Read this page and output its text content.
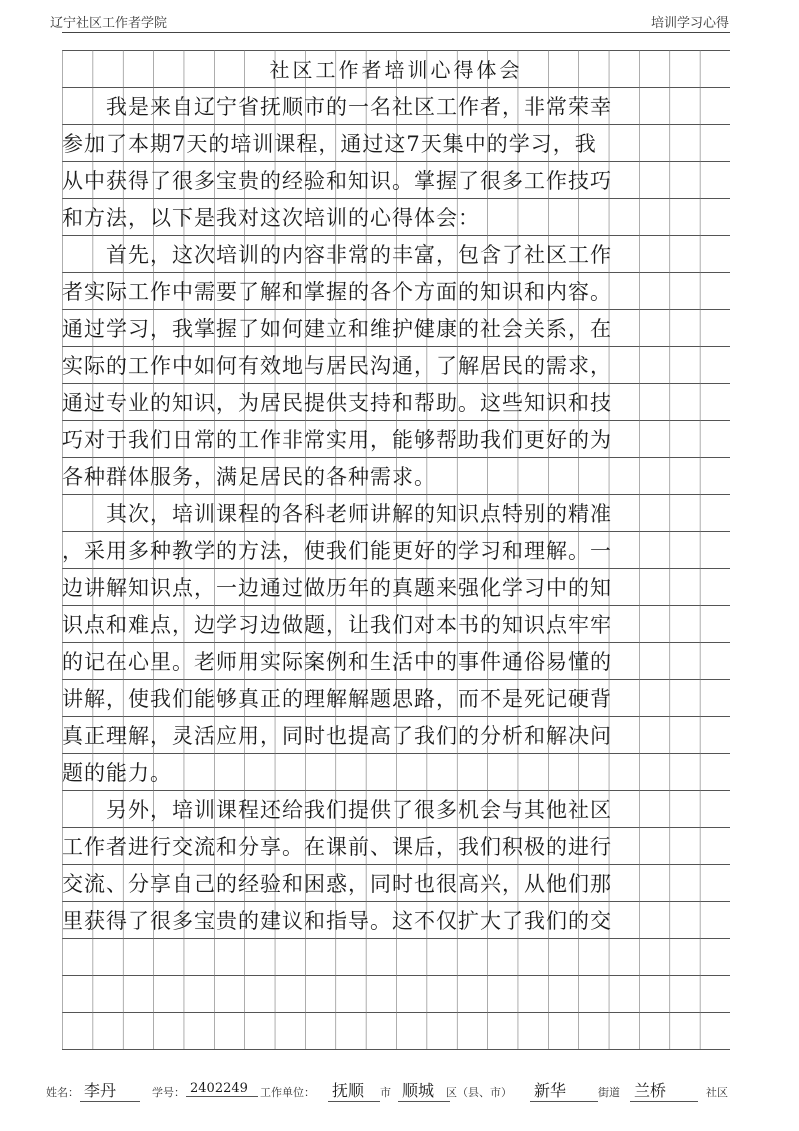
辽宁社区工作者学院	培训学习心得
社区工作者培训心得体会
　　我是来自辽宁省抚顺市的一名社区工作者，非常荣幸
参加了本期7天的培训课程，通过这7天集中的学习，我
从中获得了很多宝贵的经验和知识。掌握了很多工作技巧
和方法，以下是我对这次培训的心得体会：
　　首先，这次培训的内容非常的丰富，包含了社区工作
者实际工作中需要了解和掌握的各个方面的知识和内容。
通过学习，我掌握了如何建立和维护健康的社会关系，在
实际的工作中如何有效地与居民沟通，了解居民的需求，
通过专业的知识，为居民提供支持和帮助。这些知识和技
巧对于我们日常的工作非常实用，能够帮助我们更好的为
各种群体服务，满足居民的各种需求。
　　其次，培训课程的各科老师讲解的知识点特别的精准
，采用多种教学的方法，使我们能更好的学习和理解。一
边讲解知识点，一边通过做历年的真题来强化学习中的知
识点和难点，边学习边做题，让我们对本书的知识点牢牢
的记在心里。老师用实际案例和生活中的事件通俗易懂的
讲解，使我们能够真正的理解解题思路，而不是死记硬背
真正理解，灵活应用，同时也提高了我们的分析和解决问
题的能力。
　　另外，培训课程还给我们提供了很多机会与其他社区
工作者进行交流和分享。在课前、课后，我们积极的进行
交流、分享自己的经验和困惑，同时也很高兴，从他们那
里获得了很多宝贵的建议和指导。这不仅扩大了我们的交
姓名： 李丹	学号： 2402249	工作单位： 抚顺	市 顺城	区（县、市） 新华	街道 兰桥	社区
